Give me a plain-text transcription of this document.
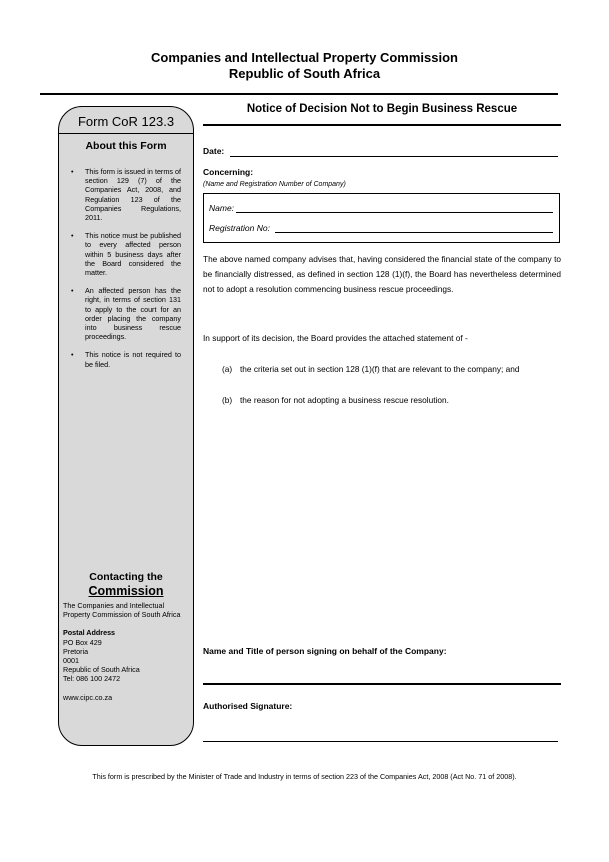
Companies and Intellectual Property Commission
Republic of South Africa
Form CoR 123.3
About this Form
• This form is issued in terms of section 129 (7) of the Companies Act, 2008, and Regulation 123 of the Companies Regulations, 2011.
• This notice must be published to every affected person within 5 business days after the Board considered the matter.
• An affected person has the right, in terms of section 131 to apply to the court for an order placing the company into business rescue proceedings.
• This notice is not required to be filed.
Contacting the
Commission
The Companies and Intellectual Property Commission of South Africa
Postal Address
PO Box 429
Pretoria
0001
Republic of South Africa
Tel: 086 100 2472
www.cipc.co.za
Notice of Decision Not to Begin Business Rescue
Date:
Concerning:
(Name and Registration Number of Company)
Name:
Registration No:
The above named company advises that, having considered the financial state of the company to be financially distressed, as defined in section 128 (1)(f), the Board has nevertheless determined not to adopt a resolution commencing business rescue proceedings.
In support of its decision, the Board provides the attached statement of -
(a) the criteria set out in section 128 (1)(f) that are relevant to the company; and
(b) the reason for not adopting a business rescue resolution.
Name and Title of person signing on behalf of the Company:
Authorised Signature:
This form is prescribed by the Minister of Trade and Industry in terms of section 223 of the Companies Act, 2008 (Act No. 71 of 2008).
